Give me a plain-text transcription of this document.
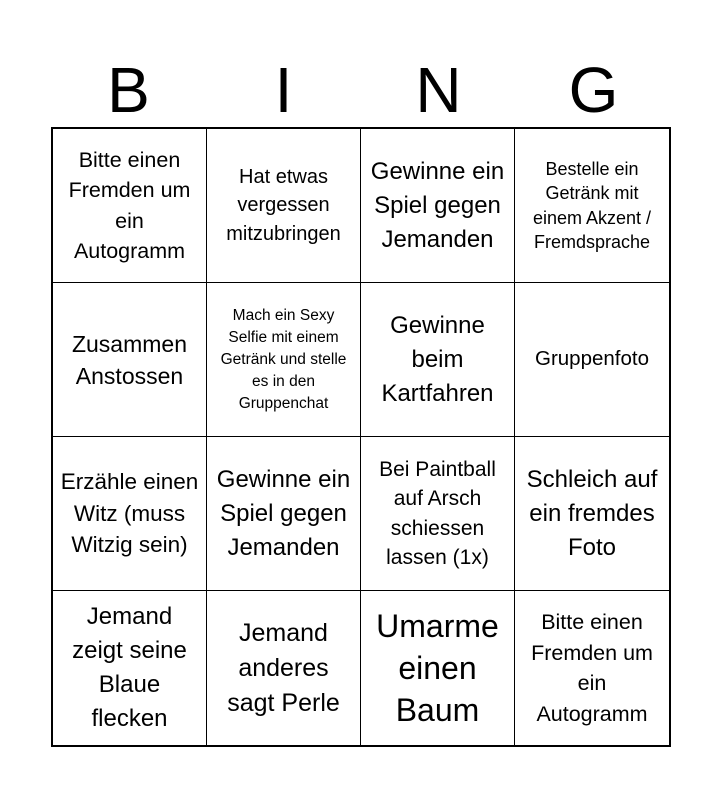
B	I	N	G
Bitte einen Fremden um ein Autogramm
Hat etwas vergessen mitzubringen
Gewinne ein Spiel gegen Jemanden
Bestelle ein Getränk mit einem Akzent / Fremdsprache
Zusammen Anstossen
Mach ein Sexy Selfie mit einem Getränk und stelle es in den Gruppenchat
Gewinne beim Kartfahren
Gruppenfoto
Erzähle einen Witz (muss Witzig sein)
Gewinne ein Spiel gegen Jemanden
Bei Paintball auf Arsch schiessen lassen (1x)
Schleich auf ein fremdes Foto
Jemand zeigt seine Blaue flecken
Jemand anderes sagt Perle
Umarme einen Baum
Bitte einen Fremden um ein Autogramm
